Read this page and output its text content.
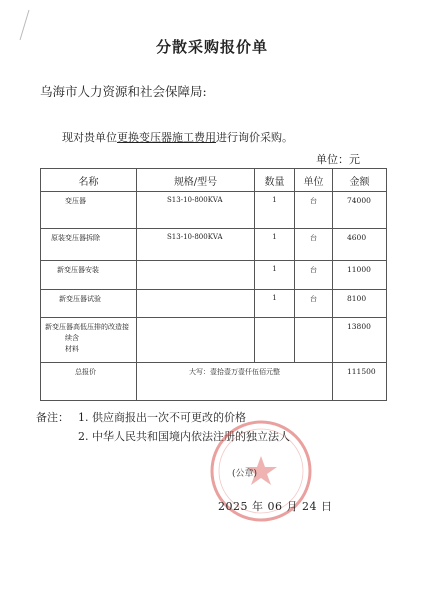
分散采购报价单
乌海市人力资源和社会保障局:
现对贵单位更换变压器施工费用进行询价采购。
单位：元
名称	规格/型号	数量	单位	金额
变压器	S13-10-800KVA	1	台	74000
原装变压器拆除	S13-10-800KVA	1	台	4600
新变压器安装		1	台	11000
新变压器试验		1	台	8100

新变压器高低压排的改造接
续含
材料				13800
总报价	大写：壹拾壹万壹仟伍佰元整			111500
备注： 1. 供应商报出一次不可更改的价格
2. 中华人民共和国境内依法注册的独立法人
(公章)
2025 年 06 月 24 日
